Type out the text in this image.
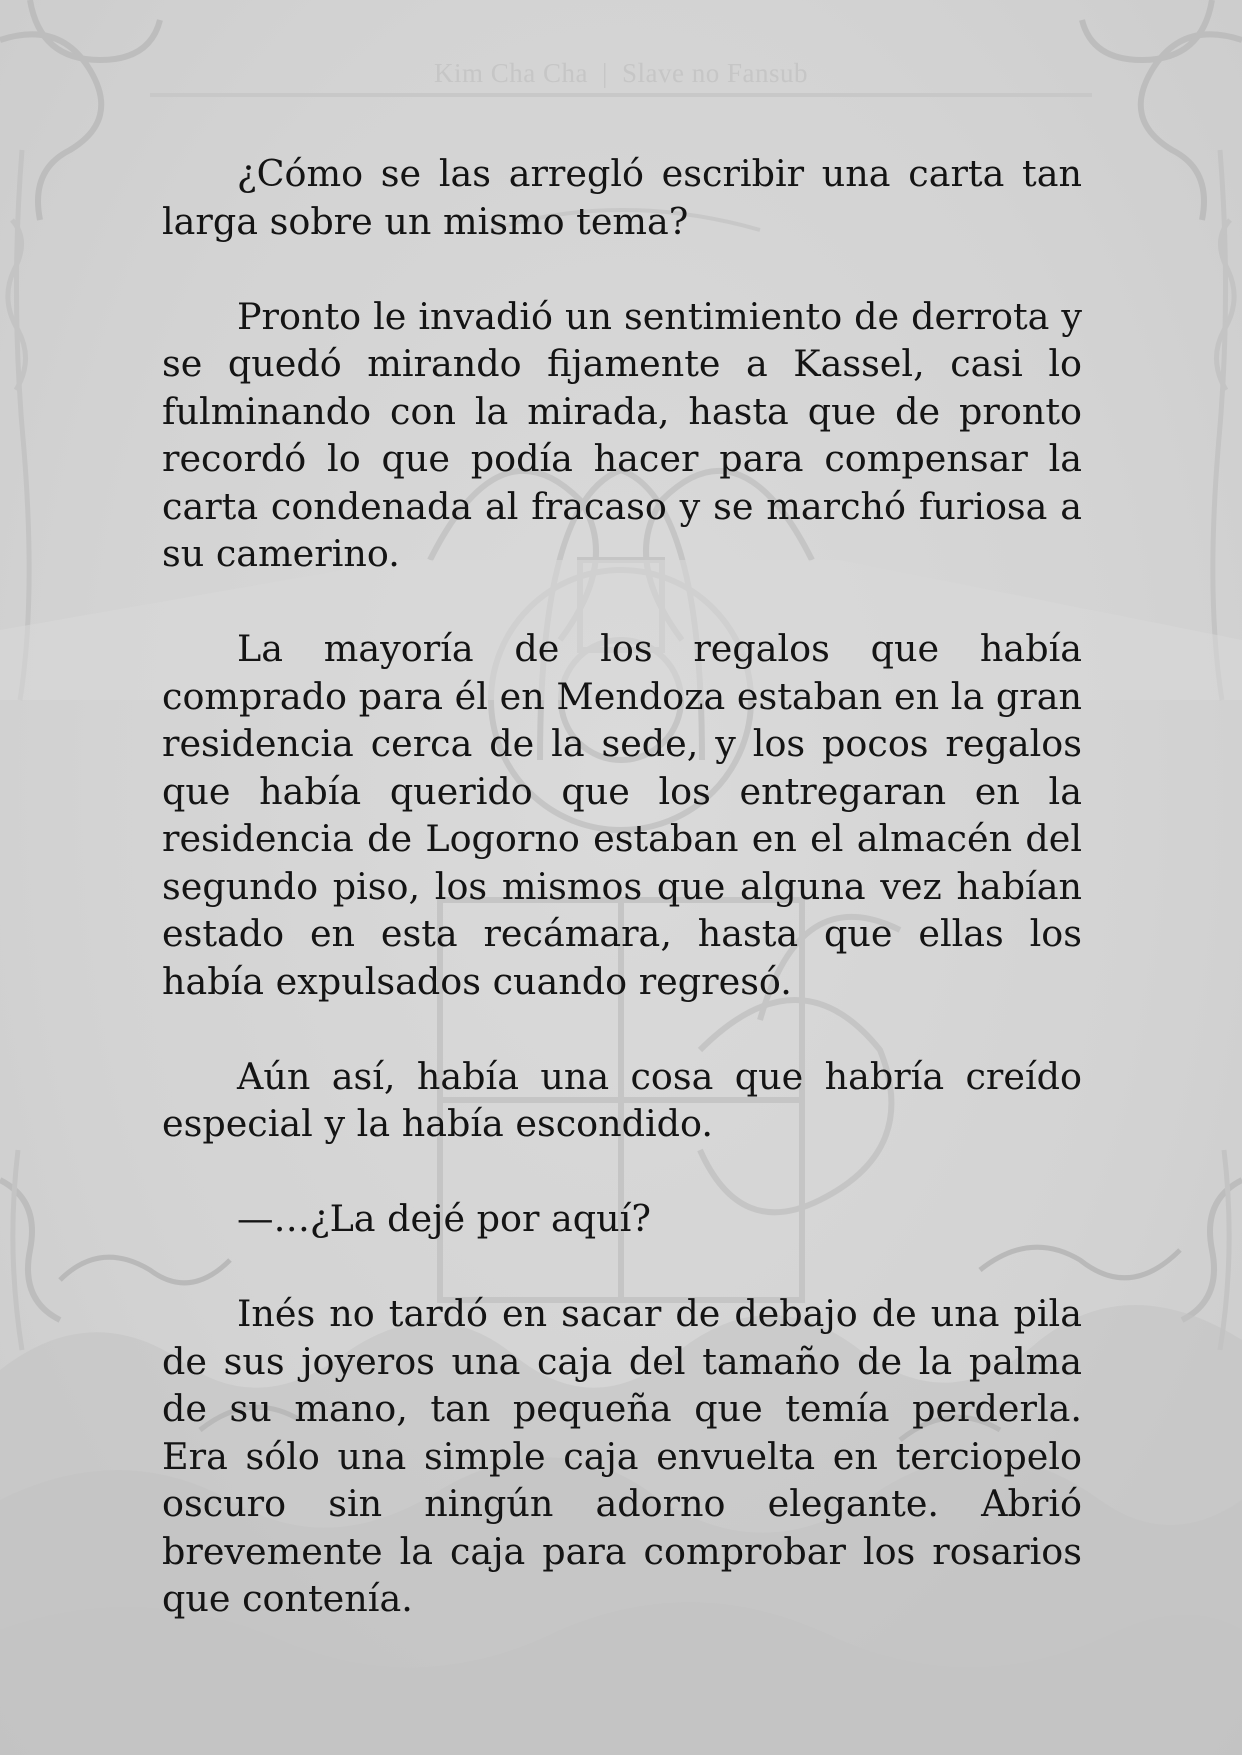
Kim Cha Cha | Slave no Fansub

¿Cómo se las arregló escribir una carta tan larga sobre un mismo tema?

Pronto le invadió un sentimiento de derrota y se quedó mirando fijamente a Kassel, casi lo fulminando con la mirada, hasta que de pronto recordó lo que podía hacer para compensar la carta condenada al fracaso y se marchó furiosa a su camerino.

La mayoría de los regalos que había comprado para él en Mendoza estaban en la gran residencia cerca de la sede, y los pocos regalos que había querido que los entregaran en la residencia de Logorno estaban en el almacén del segundo piso, los mismos que alguna vez habían estado en esta recámara, hasta que ellas los había expulsados cuando regresó.

Aún así, había una cosa que habría creído especial y la había escondido.

—…¿La dejé por aquí?

Inés no tardó en sacar de debajo de una pila de sus joyeros una caja del tamaño de la palma de su mano, tan pequeña que temía perderla. Era sólo una simple caja envuelta en terciopelo oscuro sin ningún adorno elegante. Abrió brevemente la caja para comprobar los rosarios que contenía.
